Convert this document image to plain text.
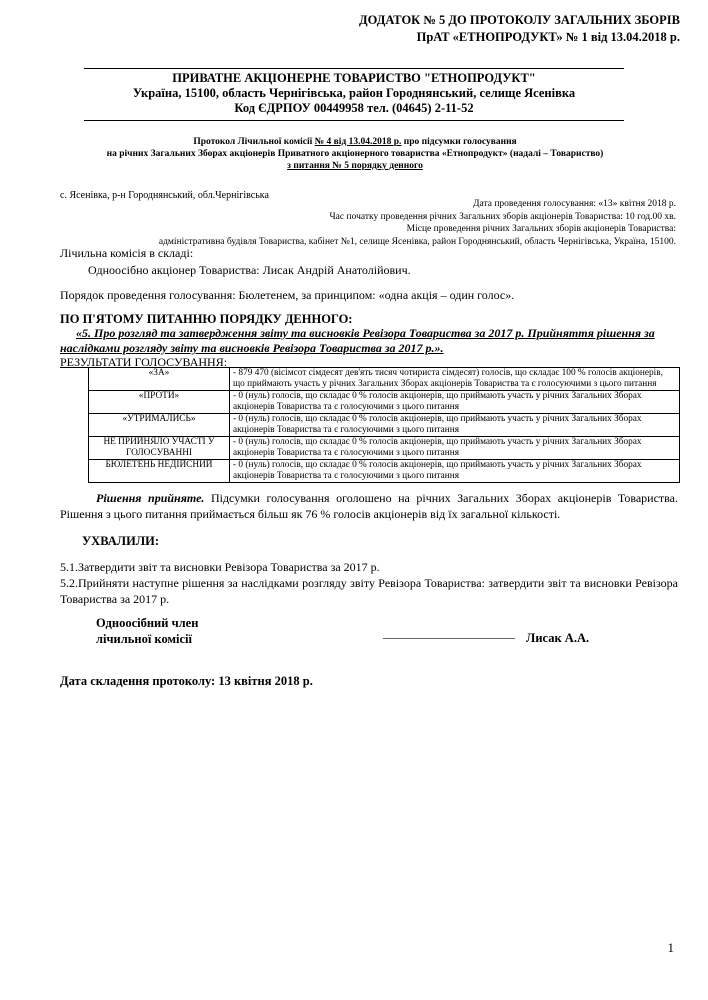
ДОДАТОК № 5 ДО ПРОТОКОЛУ ЗАГАЛЬНИХ ЗБОРІВ
ПрАТ «ЕТНОПРОДУКТ» № 1 від 13.04.2018 р.
ПРИВАТНЕ АКЦІОНЕРНЕ ТОВАРИСТВО "ЕТНОПРОДУКТ"
Україна, 15100, область Чернігівська, район Городнянський, селище Ясенівка
Код ЄДРПОУ 00449958 тел. (04645) 2-11-52
Протокол Лічильної комісії № 4 від 13.04.2018 р. про підсумки голосування
на річних Загальних Зборах акціонерів Приватного акціонерного товариства «Етнопродукт» (надалі – Товариство)
з питання № 5 порядку денного
с. Ясенівка, р-н Городнянський, обл.Чернігівська
Дата проведення голосування: «13» квітня 2018 р.
Час початку проведення річних Загальних зборів акціонерів Товариства: 10 год.00 хв.
Місце проведення річних Загальних зборів акціонерів Товариства:
адміністративна будівля Товариства, кабінет №1, селище Ясенівка, район Городнянський, область Чернігівська, Україна, 15100.
Лічильна комісія в складі:
Одноосібно акціонер Товариства: Лисак Андрій Анатолійович.
Порядок проведення голосування: Бюлетенем, за принципом: «одна акція – один голос».
ПО П'ЯТОМУ ПИТАННЮ ПОРЯДКУ ДЕННОГО:
«5. Про розгляд та затвердження звіту та висновків Ревізора Товариства за 2017 р. Прийняття рішення за
наслідками розгляду звіту та висновків Ревізора Товариства за 2017 р.».
РЕЗУЛЬТАТИ ГОЛОСУВАННЯ:
«ЗА»	- 879 470 (вісімсот сімдесят дев'ять тисяч чотириста сімдесят) голосів, що складає 100 % голосів акціонерів,
що приймають участь у річних Загальних Зборах акціонерів Товариства та є голосуючими з цього питання

«ПРОТИ»	- 0 (нуль) голосів, що складає 0 % голосів акціонерів, що приймають участь у річних Загальних Зборах
акціонерів Товариства та є голосуючими з цього питання

«УТРИМАЛИСЬ»	- 0 (нуль) голосів, що складає 0 % голосів акціонерів, що приймають участь у річних Загальних Зборах
акціонерів Товариства та є голосуючими з цього питання

НЕ ПРИЙНЯЛО УЧАСТІ У ГОЛОСУВАННІ	- 0 (нуль) голосів, що складає 0 % голосів акціонерів, що приймають участь у річних Загальних Зборах
акціонерів Товариства та є голосуючими з цього питання

БЮЛЕТЕНЬ НЕДІЙСНИЙ	- 0 (нуль) голосів, що складає 0 % голосів акціонерів, що приймають участь у річних Загальних Зборах
акціонерів Товариства та є голосуючими з цього питання
Рішення прийняте. Підсумки голосування оголошено на річних Загальних Зборах акціонерів Товариства. Рішення з цього питання приймається більш як 76 % голосів акціонерів від їх загальної кількості.
УХВАЛИЛИ:
5.1.Затвердити звіт та висновки Ревізора Товариства за 2017 р.
5.2.Прийняти наступне рішення за наслідками розгляду звіту Ревізора Товариства: затвердити звіт та висновки Ревізора Товариства за 2017 р.
Одноосібний член
лічильної комісії	______________________ Лисак А.А.
Дата складення протоколу: 13 квітня 2018 р.
1
